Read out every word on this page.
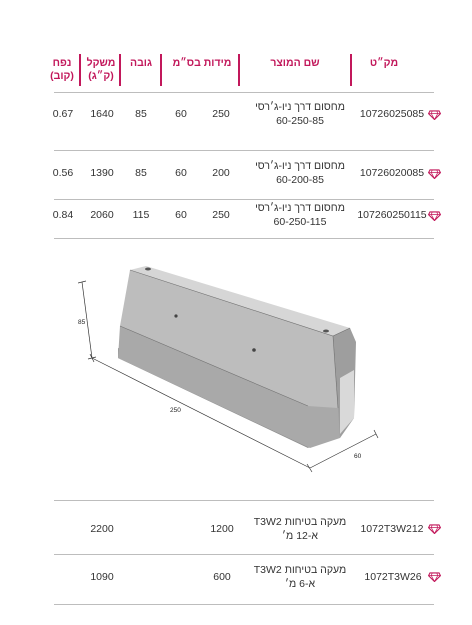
מק״ט
שם המוצר
מידות בס״מ
גובה
משקל (ק״ג)
נפח (קוב)
10726025085
מחסום דרך ניו-ג׳רסי
60-250-85
250
60
85
1640
0.67
10726020085
מחסום דרך ניו-ג׳רסי
60-200-85
200
60
85
1390
0.56
107260250115
מחסום דרך ניו-ג׳רסי
60-250-115
250
60
115
2060
0.84
85
250
60
1072T3W212
מעקה בטיחות T3W2
א-12 מ׳
1200
2200
1072T3W26
מעקה בטיחות T3W2
א-6 מ׳
600
1090
